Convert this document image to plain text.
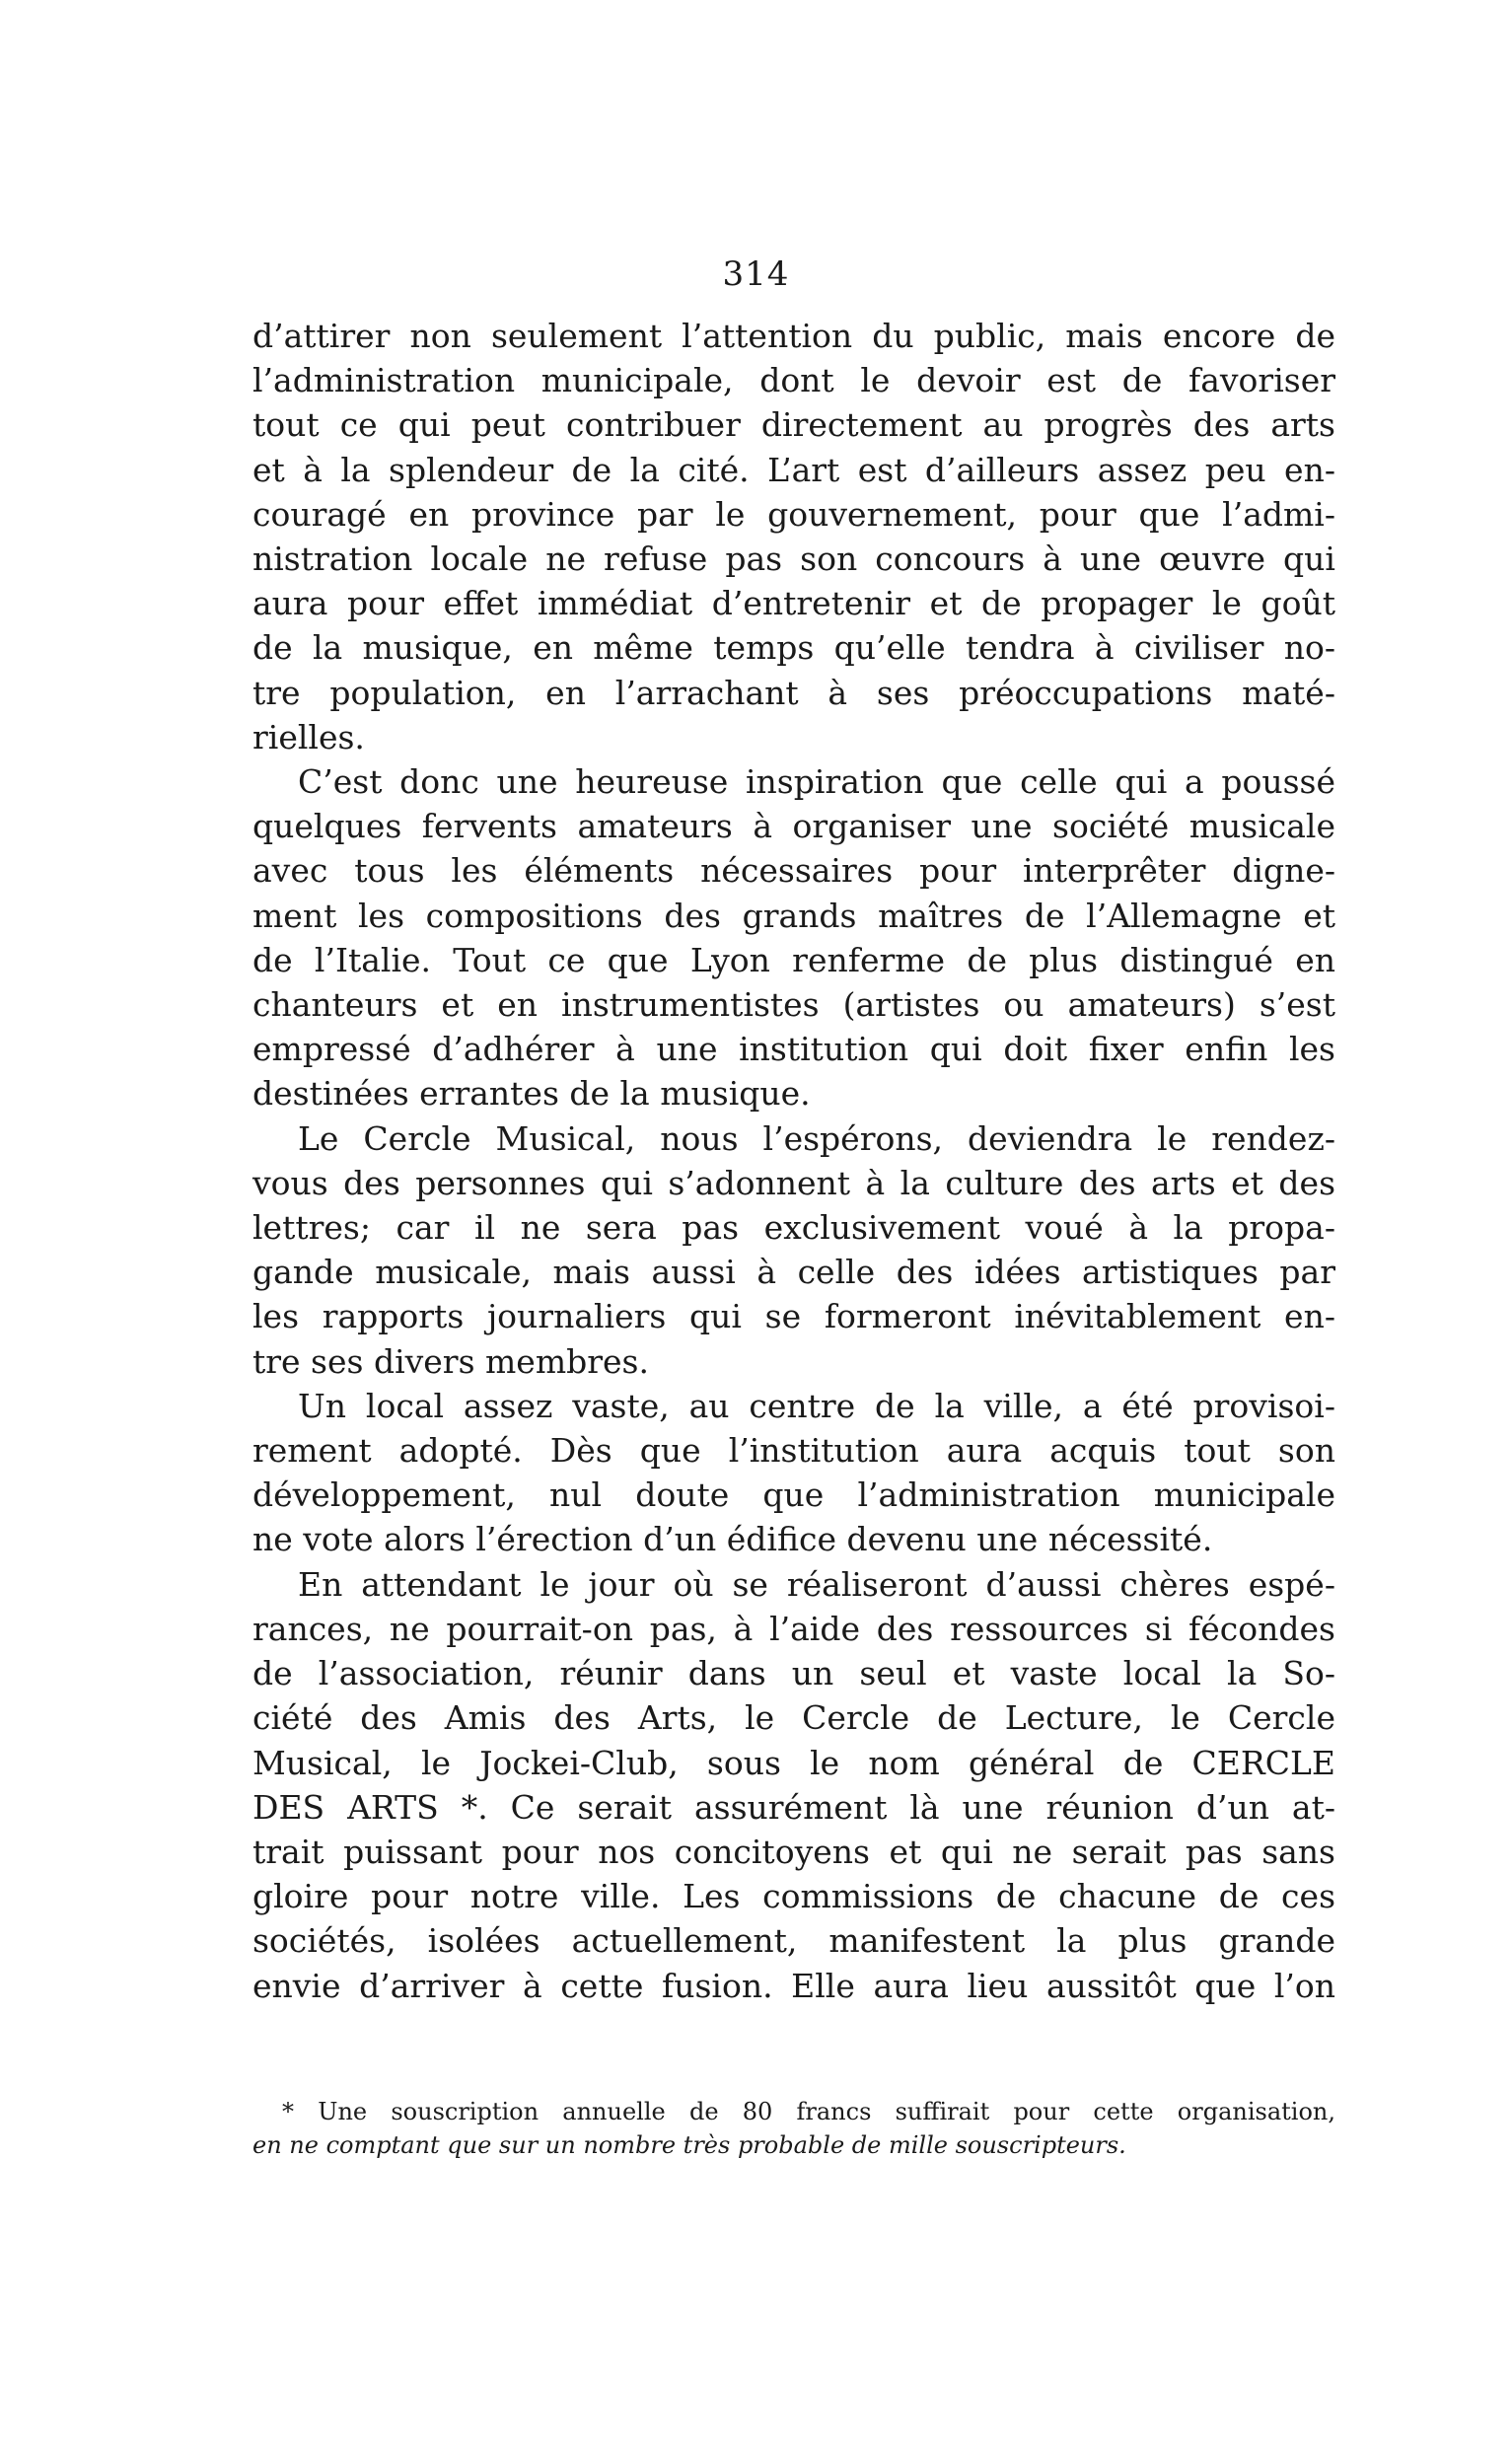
314

d’attirer non seulement l’attention du public, mais encore de
l’administration municipale, dont le devoir est de favoriser
tout ce qui peut contribuer directement au progrès des arts
et à la splendeur de la cité. L’art est d’ailleurs assez peu en-
couragé en province par le gouvernement, pour que l’admi-
nistration locale ne refuse pas son concours à une œuvre qui
aura pour effet immédiat d’entretenir et de propager le goût
de la musique, en même temps qu’elle tendra à civiliser no-
tre population, en l’arrachant à ses préoccupations maté-
rielles.

C’est donc une heureuse inspiration que celle qui a poussé
quelques fervents amateurs à organiser une société musicale
avec tous les éléments nécessaires pour interprêter digne-
ment les compositions des grands maîtres de l’Allemagne et
de l’Italie. Tout ce que Lyon renferme de plus distingué en
chanteurs et en instrumentistes (artistes ou amateurs) s’est
empressé d’adhérer à une institution qui doit fixer enfin les
destinées errantes de la musique.

Le Cercle Musical, nous l’espérons, deviendra le rendez-
vous des personnes qui s’adonnent à la culture des arts et des
lettres; car il ne sera pas exclusivement voué à la propa-
gande musicale, mais aussi à celle des idées artistiques par
les rapports journaliers qui se formeront inévitablement en-
tre ses divers membres.

Un local assez vaste, au centre de la ville, a été provisoi-
rement adopté. Dès que l’institution aura acquis tout son
développement, nul doute que l’administration municipale
ne vote alors l’érection d’un édifice devenu une nécessité.

En attendant le jour où se réaliseront d’aussi chères espé-
rances, ne pourrait-on pas, à l’aide des ressources si fécondes
de l’association, réunir dans un seul et vaste local la So-
ciété des Amis des Arts, le Cercle de Lecture, le Cercle
Musical, le Jockei-Club, sous le nom général de CERCLE
DES ARTS *. Ce serait assurément là une réunion d’un at-
trait puissant pour nos concitoyens et qui ne serait pas sans
gloire pour notre ville. Les commissions de chacune de ces
sociétés, isolées actuellement, manifestent la plus grande
envie d’arriver à cette fusion. Elle aura lieu aussitôt que l’on

* Une souscription annuelle de 80 francs suffirait pour cette organisation,
en ne comptant que sur un nombre très probable de mille souscripteurs.
